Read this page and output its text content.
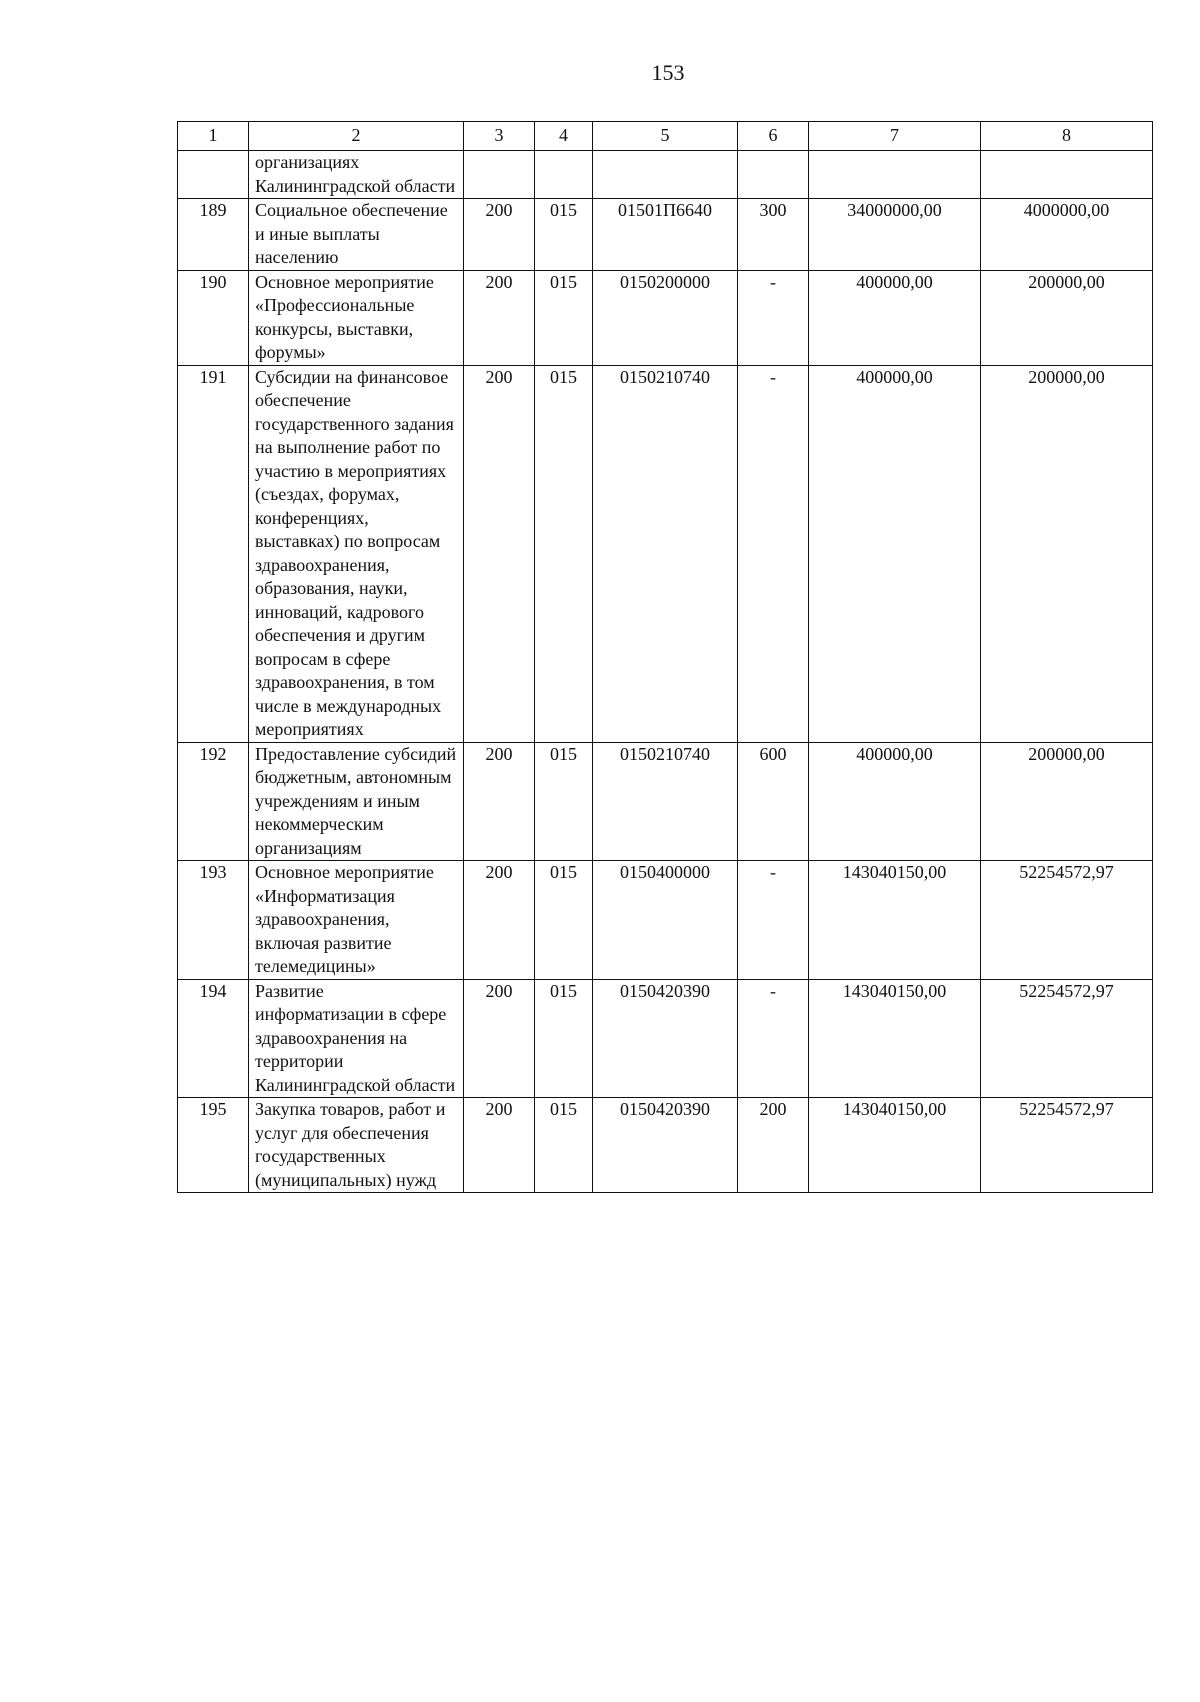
153
1	2	3	4	5	6	7	8
	организациях Калининградской области						
189	Социальное обеспечение и иные выплаты населению	200	015	01501П6640	300	34000000,00	4000000,00
190	Основное мероприятие «Профессиональные конкурсы, выставки, форумы»	200	015	0150200000	-	400000,00	200000,00
191	Субсидии на финансовое обеспечение государственного задания на выполнение работ по участию в мероприятиях (съездах, форумах, конференциях, выставках) по вопросам здравоохранения, образования, науки, инноваций, кадрового обеспечения и другим вопросам в сфере здравоохранения, в том числе в международных мероприятиях	200	015	0150210740	-	400000,00	200000,00
192	Предоставление субсидий бюджетным, автономным учреждениям и иным некоммерческим организациям	200	015	0150210740	600	400000,00	200000,00
193	Основное мероприятие «Информатизация здравоохранения, включая развитие телемедицины»	200	015	0150400000	-	143040150,00	52254572,97
194	Развитие информатизации в сфере здравоохранения на территории Калининградской области	200	015	0150420390	-	143040150,00	52254572,97
195	Закупка товаров, работ и услуг для обеспечения государственных (муниципальных) нужд	200	015	0150420390	200	143040150,00	52254572,97
